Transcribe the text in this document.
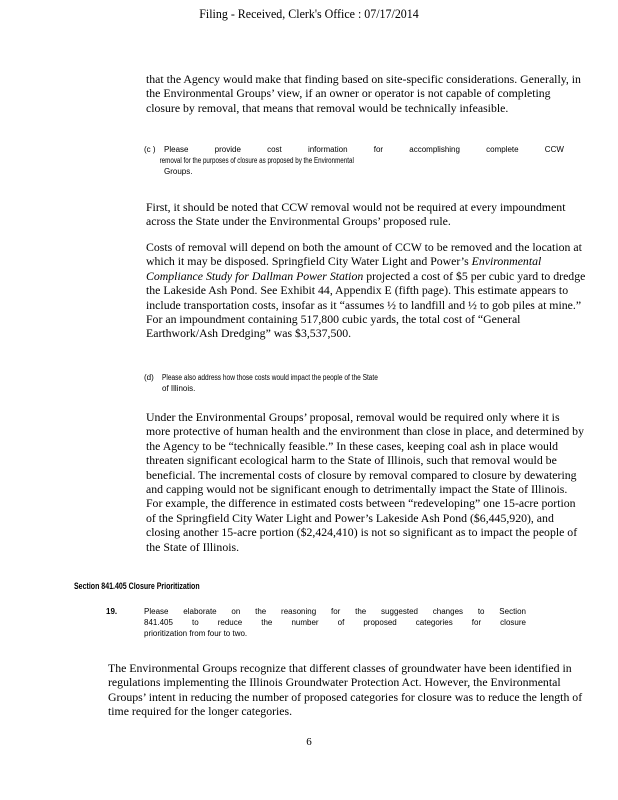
Filing - Received, Clerk's Office : 07/17/2014

that the Agency would make that finding based on site-specific considerations. Generally, in the Environmental Groups’ view, if an owner or operator is not capable of completing closure by removal, that means that removal would be technically infeasible.

(c )	Please	provide	cost	information	for	accomplishing	complete	CCW
removal for the purposes of closure as proposed by the Environmental
Groups.

First, it should be noted that CCW removal would not be required at every impoundment across the State under the Environmental Groups’ proposed rule.

Costs of removal will depend on both the amount of CCW to be removed and the location at which it may be disposed. Springfield City Water Light and Power’s Environmental Compliance Study for Dallman Power Station projected a cost of $5 per cubic yard to dredge the Lakeside Ash Pond. See Exhibit 44, Appendix E (fifth page). This estimate appears to include transportation costs, insofar as it “assumes ½ to landfill and ½ to gob piles at mine.” For an impoundment containing 517,800 cubic yards, the total cost of “General Earthwork/Ash Dredging” was $3,537,500.

(d)	Please also address how those costs would impact the people of the State
of Illinois.

Under the Environmental Groups’ proposal, removal would be required only where it is more protective of human health and the environment than close in place, and determined by the Agency to be “technically feasible.” In these cases, keeping coal ash in place would threaten significant ecological harm to the State of Illinois, such that removal would be beneficial. The incremental costs of closure by removal compared to closure by dewatering and capping would not be significant enough to detrimentally impact the State of Illinois. For example, the difference in estimated costs between “redeveloping” one 15-acre portion of the Springfield City Water Light and Power’s Lakeside Ash Pond ($6,445,920), and closing another 15-acre portion ($2,424,410) is not so significant as to impact the people of the State of Illinois.

Section 841.405 Closure Prioritization
19.	Please elaborate on the reasoning for the suggested changes to Section
841.405 to reduce the number of proposed categories for closure
prioritization from four to two.

The Environmental Groups recognize that different classes of groundwater have been identified in regulations implementing the Illinois Groundwater Protection Act. However, the Environmental Groups’ intent in reducing the number of proposed categories for closure was to reduce the length of time required for the longer categories.

6
